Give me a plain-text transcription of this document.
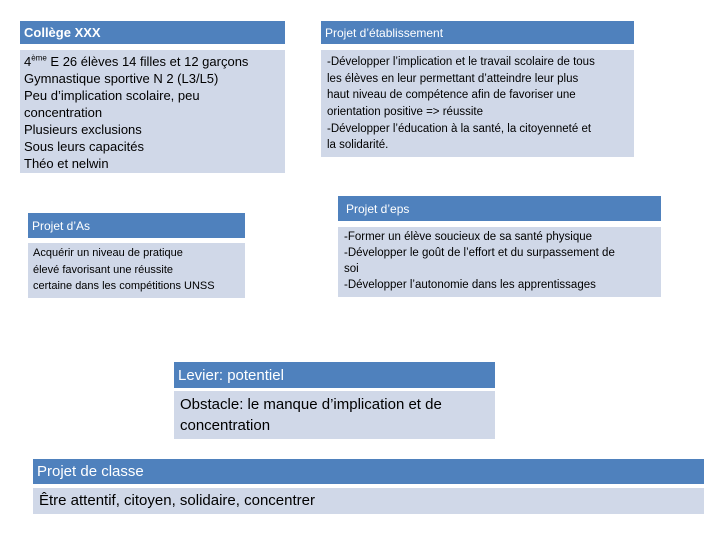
Collège XXX
4ème E 26 élèves 14 filles et 12 garçons
Gymnastique sportive N 2 (L3/L5)
Peu d’implication scolaire, peu
concentration
Plusieurs exclusions
Sous leurs capacités
Théo et nelwin
Projet d’établissement
-Développer l’implication et le travail scolaire de tous
les élèves en leur permettant d’atteindre leur plus
haut niveau de compétence afin de favoriser une
orientation positive => réussite
-Développer l’éducation à la santé, la citoyenneté et
la solidarité.
Projet d’As
Acquérir un niveau de pratique
élevé favorisant une réussite
certaine dans les compétitions UNSS
Projet d’eps
-Former un élève soucieux de sa santé physique
-Développer le goût de l’effort et du surpassement de
soi
-Développer l’autonomie dans les apprentissages
Levier: potentiel
Obstacle: le manque d’implication et de
concentration
Projet de classe
Être attentif, citoyen, solidaire, concentrer
